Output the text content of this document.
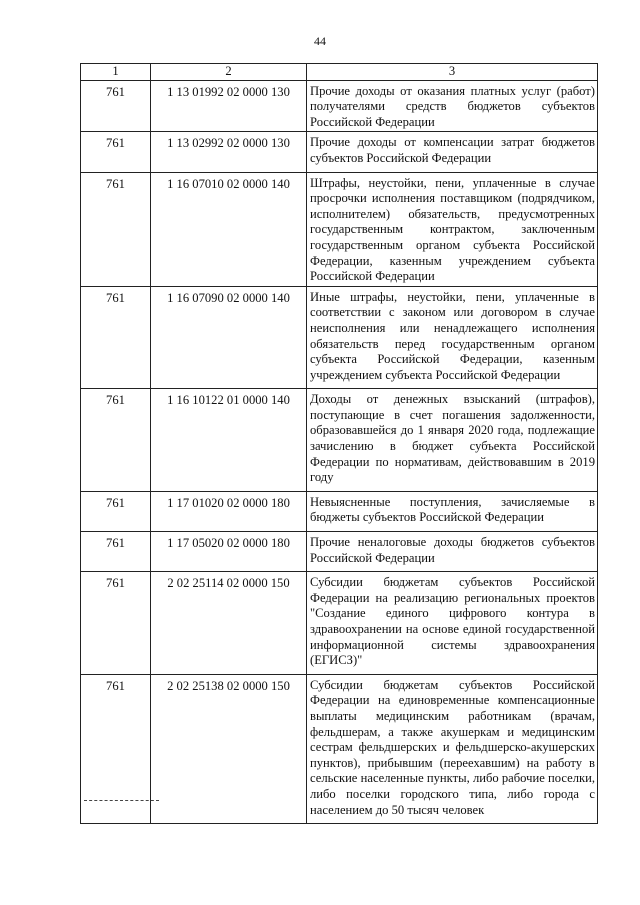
44
1	2	3
761	1 13 01992 02 0000 130	Прочие доходы от оказания платных услуг (работ) получателями средств бюджетов субъектов Российской Федерации
761	1 13 02992 02 0000 130	Прочие доходы от компенсации затрат бюджетов субъектов Российской Федерации
761	1 16 07010 02 0000 140	Штрафы, неустойки, пени, уплаченные в случае просрочки исполнения поставщиком (подрядчиком, исполнителем) обязательств, предусмотренных государственным контрактом, заключенным государственным органом субъекта Российской Федерации, казенным учреждением субъекта Российской Федерации
761	1 16 07090 02 0000 140	Иные штрафы, неустойки, пени, уплаченные в соответствии с законом или договором в случае неисполнения или ненадлежащего исполнения обязательств перед государственным органом субъекта Российской Федерации, казенным учреждением субъекта Российской Федерации
761	1 16 10122 01 0000 140	Доходы от денежных взысканий (штрафов), поступающие в счет погашения задолженности, образовавшейся до 1 января 2020 года, подлежащие зачислению в бюджет субъекта Российской Федерации по нормативам, действовавшим в 2019 году
761	1 17 01020 02 0000 180	Невыясненные поступления, зачисляемые в бюджеты субъектов Российской Федерации
761	1 17 05020 02 0000 180	Прочие неналоговые доходы бюджетов субъектов Российской Федерации
761	2 02 25114 02 0000 150	Субсидии бюджетам субъектов Российской Федерации на реализацию региональных проектов "Создание единого цифрового контура в здравоохранении на основе единой государственной информационной системы здравоохранения (ЕГИСЗ)"
761	2 02 25138 02 0000 150	Субсидии бюджетам субъектов Российской Федерации на единовременные компенсационные выплаты медицинским работникам (врачам, фельдшерам, а также акушеркам и медицинским сестрам фельдшерских и фельдшерско-акушерских пунктов), прибывшим (переехавшим) на работу в сельские населенные пункты, либо рабочие поселки, либо поселки городского типа, либо города с населением до 50 тысяч человек
